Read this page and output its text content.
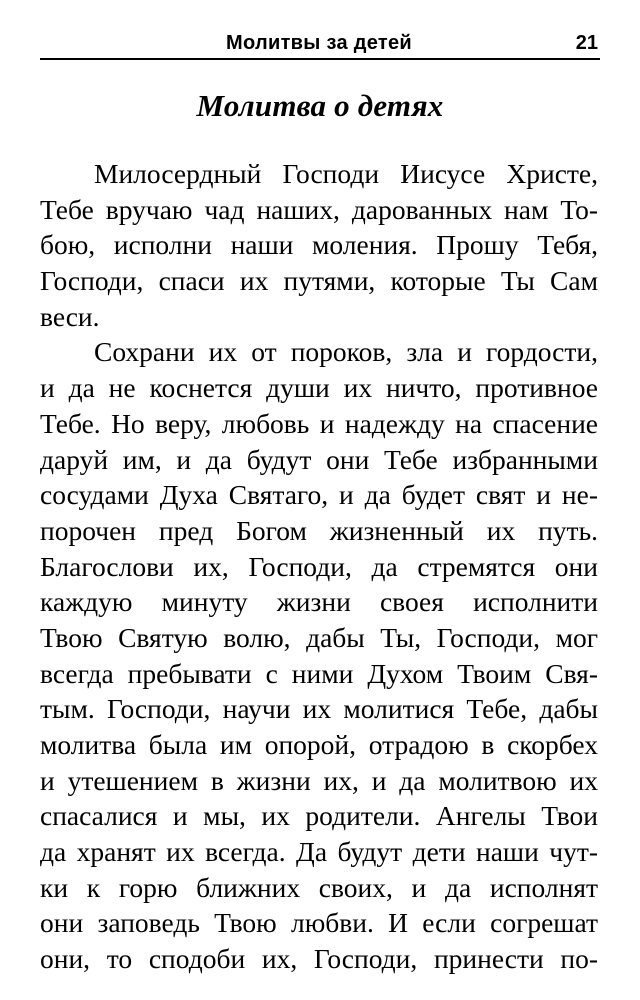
Молитвы за детей	21
Молитва о детях
Милосердный Господи Иисусе Христе,
Тебе вручаю чад наших, дарованных нам То-
бою, исполни наши моления. Прошу Тебя,
Господи, спаси их путями, которые Ты Сам
веси.
Сохрани их от пороков, зла и гордости,
и да не коснется души их ничто, противное
Тебе. Но веру, любовь и надежду на спасение
даруй им, и да будут они Тебе избранными
сосудами Духа Святаго, и да будет свят и не-
порочен пред Богом жизненный их путь.
Благослови их, Господи, да стремятся они
каждую минуту жизни своея исполнити
Твою Святую волю, дабы Ты, Господи, мог
всегда пребывати с ними Духом Твоим Свя-
тым. Господи, научи их молитися Тебе, дабы
молитва была им опорой, отрадою в скорбех
и утешением в жизни их, и да молитвою их
спасалися и мы, их родители. Ангелы Твои
да хранят их всегда. Да будут дети наши чут-
ки к горю ближних своих, и да исполнят
они заповедь Твою любви. И если согрешат
они, то сподоби их, Господи, принести по-
